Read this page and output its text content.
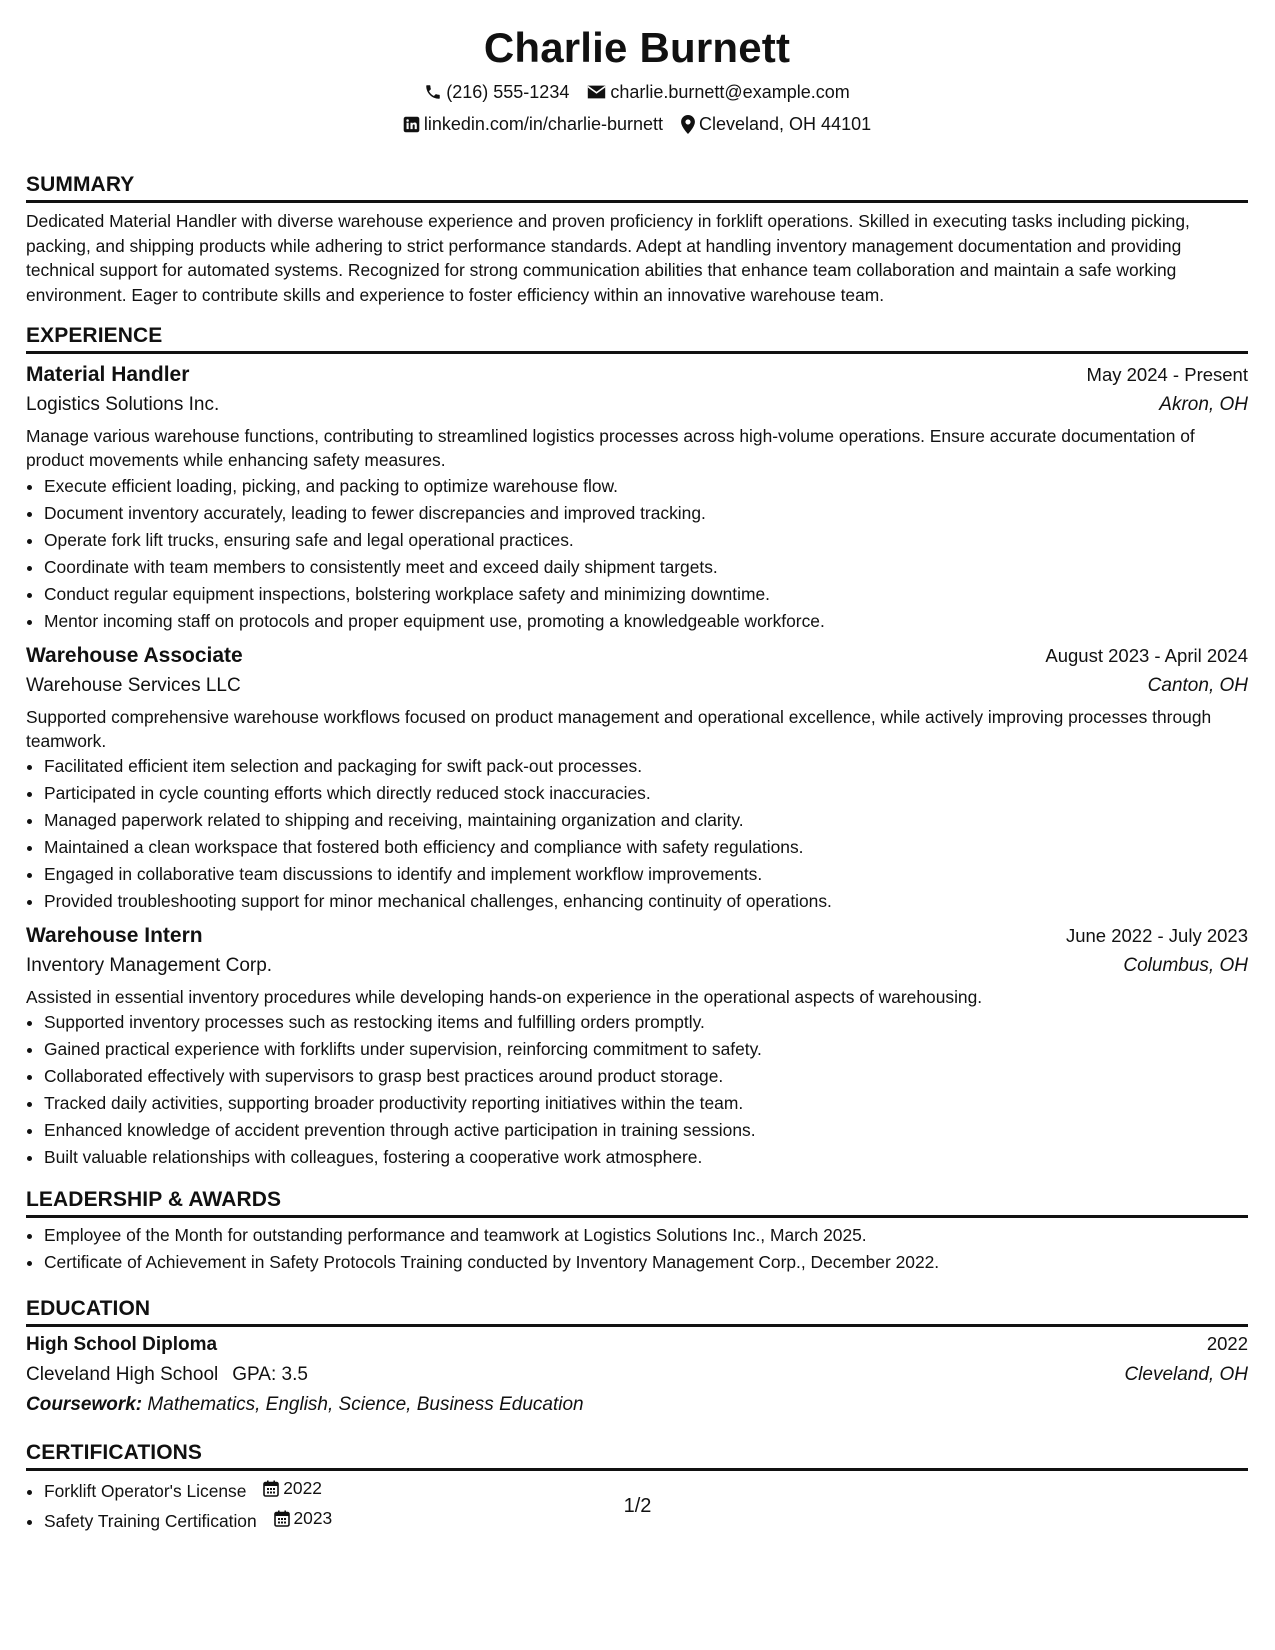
Charlie Burnett
(216) 555-1234 charlie.burnett@example.com
linkedin.com/in/charlie-burnett Cleveland, OH 44101
SUMMARY
Dedicated Material Handler with diverse warehouse experience and proven proficiency in forklift operations. Skilled in executing tasks including picking, packing, and shipping products while adhering to strict performance standards. Adept at handling inventory management documentation and providing technical support for automated systems. Recognized for strong communication abilities that enhance team collaboration and maintain a safe working environment. Eager to contribute skills and experience to foster efficiency within an innovative warehouse team.
EXPERIENCE
Material Handler	May 2024 - Present
Logistics Solutions Inc.	Akron, OH
Manage various warehouse functions, contributing to streamlined logistics processes across high-volume operations. Ensure accurate documentation of product movements while enhancing safety measures.
• Execute efficient loading, picking, and packing to optimize warehouse flow.
• Document inventory accurately, leading to fewer discrepancies and improved tracking.
• Operate fork lift trucks, ensuring safe and legal operational practices.
• Coordinate with team members to consistently meet and exceed daily shipment targets.
• Conduct regular equipment inspections, bolstering workplace safety and minimizing downtime.
• Mentor incoming staff on protocols and proper equipment use, promoting a knowledgeable workforce.
Warehouse Associate	August 2023 - April 2024
Warehouse Services LLC	Canton, OH
Supported comprehensive warehouse workflows focused on product management and operational excellence, while actively improving processes through teamwork.
• Facilitated efficient item selection and packaging for swift pack-out processes.
• Participated in cycle counting efforts which directly reduced stock inaccuracies.
• Managed paperwork related to shipping and receiving, maintaining organization and clarity.
• Maintained a clean workspace that fostered both efficiency and compliance with safety regulations.
• Engaged in collaborative team discussions to identify and implement workflow improvements.
• Provided troubleshooting support for minor mechanical challenges, enhancing continuity of operations.
Warehouse Intern	June 2022 - July 2023
Inventory Management Corp.	Columbus, OH
Assisted in essential inventory procedures while developing hands-on experience in the operational aspects of warehousing.
• Supported inventory processes such as restocking items and fulfilling orders promptly.
• Gained practical experience with forklifts under supervision, reinforcing commitment to safety.
• Collaborated effectively with supervisors to grasp best practices around product storage.
• Tracked daily activities, supporting broader productivity reporting initiatives within the team.
• Enhanced knowledge of accident prevention through active participation in training sessions.
• Built valuable relationships with colleagues, fostering a cooperative work atmosphere.
LEADERSHIP & AWARDS
• Employee of the Month for outstanding performance and teamwork at Logistics Solutions Inc., March 2025.
• Certificate of Achievement in Safety Protocols Training conducted by Inventory Management Corp., December 2022.
EDUCATION
High School Diploma	2022
Cleveland High School GPA: 3.5	Cleveland, OH
Coursework: Mathematics, English, Science, Business Education
CERTIFICATIONS
• Forklift Operator's License 2022
• Safety Training Certification 2023
1/2
